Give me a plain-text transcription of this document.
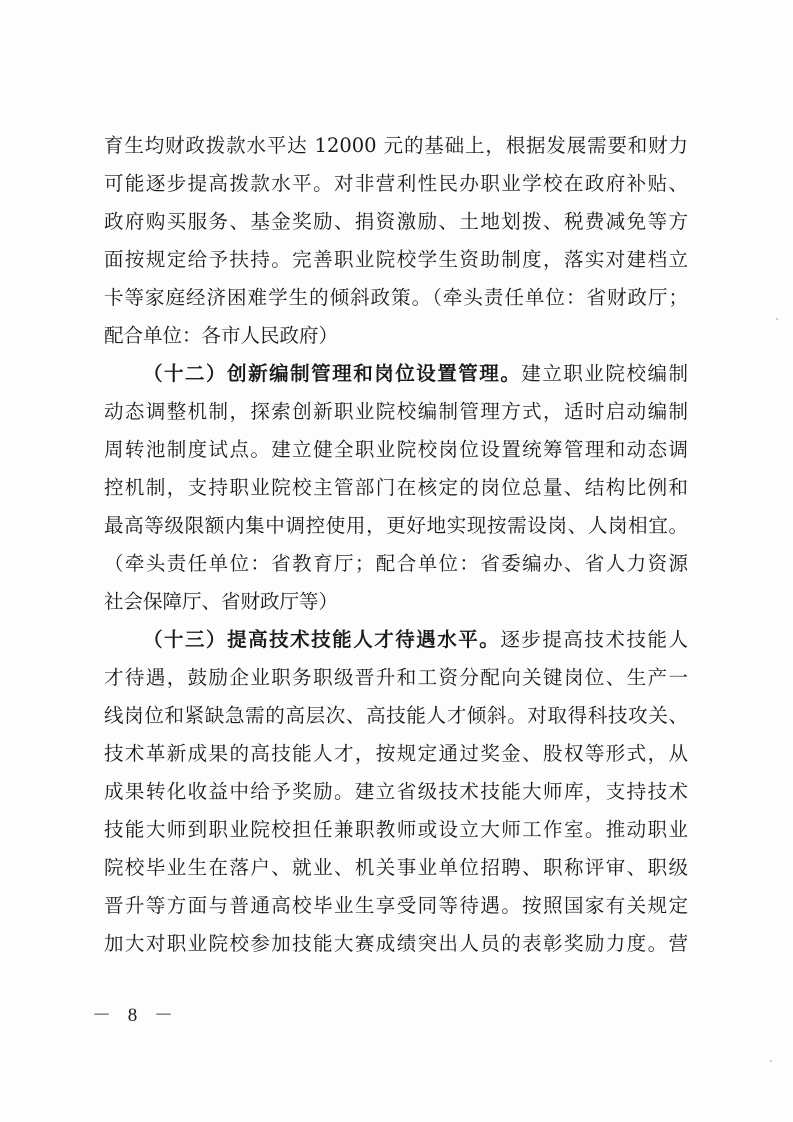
育生均财政拨款水平达 12000 元的基础上，根据发展需要和财力
可能逐步提高拨款水平。对非营利性民办职业学校在政府补贴、
政府购买服务、基金奖励、捐资激励、土地划拨、税费减免等方
面按规定给予扶持。完善职业院校学生资助制度，落实对建档立
卡等家庭经济困难学生的倾斜政策。（牵头责任单位：省财政厅；
配合单位：各市人民政府）
（十二）创新编制管理和岗位设置管理。建立职业院校编制
动态调整机制，探索创新职业院校编制管理方式，适时启动编制
周转池制度试点。建立健全职业院校岗位设置统筹管理和动态调
控机制，支持职业院校主管部门在核定的岗位总量、结构比例和
最高等级限额内集中调控使用，更好地实现按需设岗、人岗相宜。
（牵头责任单位：省教育厅；配合单位：省委编办、省人力资源
社会保障厅、省财政厅等）
（十三）提高技术技能人才待遇水平。逐步提高技术技能人
才待遇，鼓励企业职务职级晋升和工资分配向关键岗位、生产一
线岗位和紧缺急需的高层次、高技能人才倾斜。对取得科技攻关、
技术革新成果的高技能人才，按规定通过奖金、股权等形式，从
成果转化收益中给予奖励。建立省级技术技能大师库，支持技术
技能大师到职业院校担任兼职教师或设立大师工作室。推动职业
院校毕业生在落户、就业、机关事业单位招聘、职称评审、职级
晋升等方面与普通高校毕业生享受同等待遇。按照国家有关规定
加大对职业院校参加技能大赛成绩突出人员的表彰奖励力度。营
－ 8 －
